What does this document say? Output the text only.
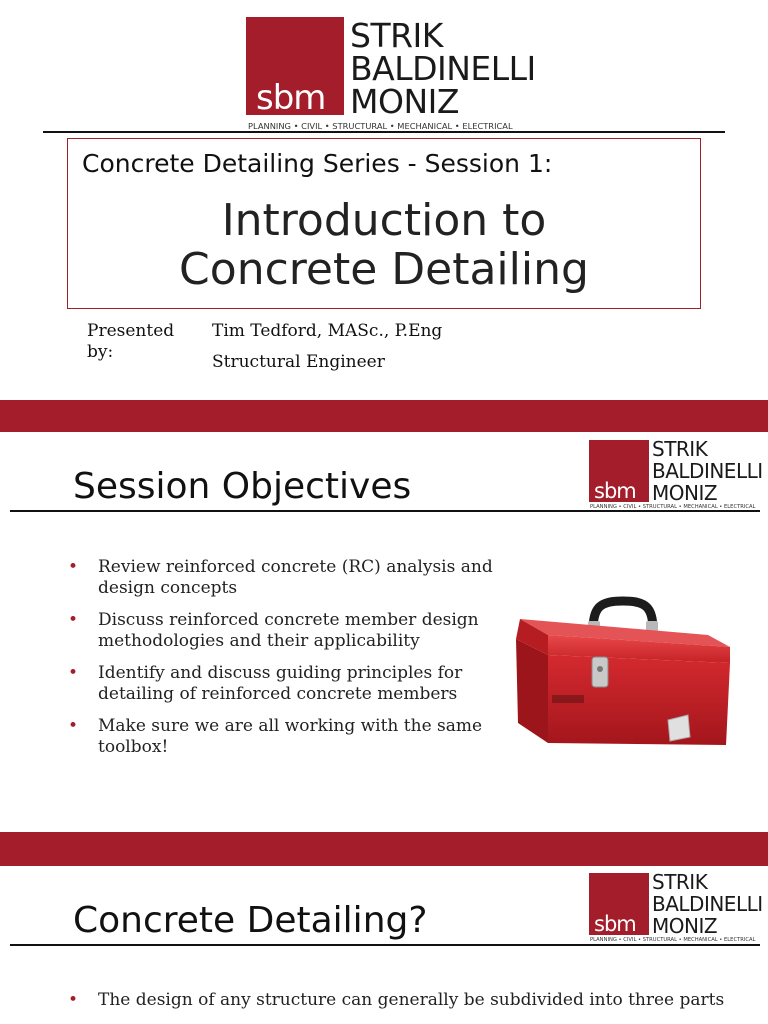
sbm
STRIK
BALDINELLI
MONIZ
PLANNING • CIVIL • STRUCTURAL • MECHANICAL • ELECTRICAL
Concrete Detailing Series - Session 1:
Introduction to
Concrete Detailing
Presented by:
Tim Tedford, MASc., P.Eng
Structural Engineer
Session Objectives	sbm
STRIK
BALDINELLI
MONIZ
PLANNING • CIVIL • STRUCTURAL • MECHANICAL • ELECTRICAL
• Review reinforced concrete (RC) analysis and design concepts
• Discuss reinforced concrete member design methodologies and their applicability
• Identify and discuss guiding principles for detailing of reinforced concrete members
• Make sure we are all working with the same toolbox!
Concrete Detailing?	sbm
STRIK
BALDINELLI
MONIZ
PLANNING • CIVIL • STRUCTURAL • MECHANICAL • ELECTRICAL
• The design of any structure can generally be subdivided into three parts
